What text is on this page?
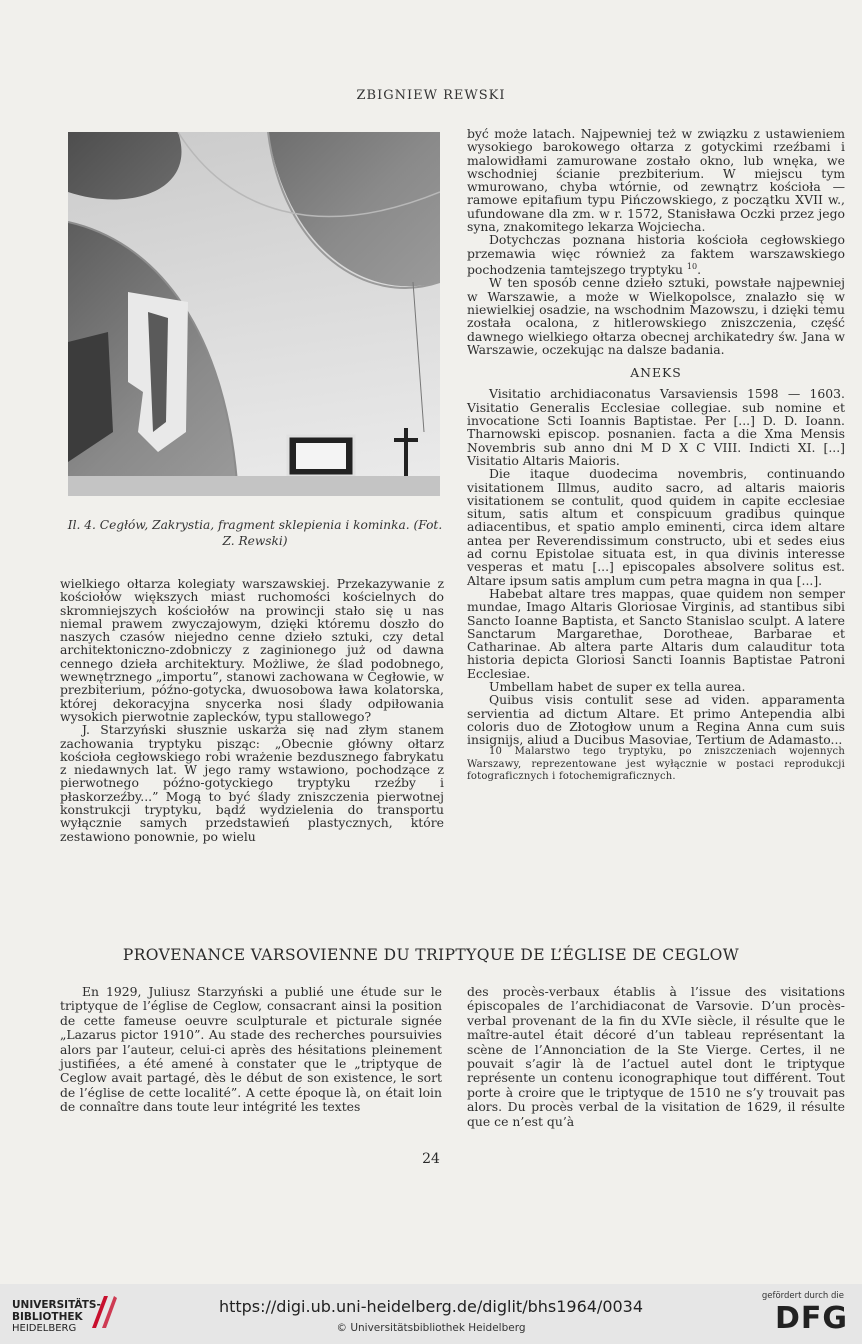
ZBIGNIEW REWSKI
Il. 4. Cegłów, Zakrystia, fragment sklepienia i kominka. (Fot. Z. Rewski)

być może latach. Najpewniej też w związku z ustawieniem wysokiego barokowego ołtarza z gotyckimi rzeźbami i malowidłami zamurowane zostało okno, lub wnęka, we wschodniej ścianie prezbiterium. W miejscu tym wmurowano, chyba wtórnie, od zewnątrz kościoła — ramowe epitafium typu Pińczowskiego, z początku XVII w., ufundowane dla zm. w r. 1572, Stanisława Oczki przez jego syna, znakomitego lekarza Wojciecha.

Dotychczas poznana historia kościoła cegłowskiego przemawia więc również za faktem warszawskiego pochodzenia tamtejszego tryptyku $^{10}$.

W ten sposób cenne dzieło sztuki, powstałe najpewniej w Warszawie, a może w Wielkopolsce, znalazło się w niewielkiej osadzie, na wschodnim Mazowszu, i dzięki temu została ocalona, z hitlerowskiego zniszczenia, część dawnego wielkiego ołtarza obecnej archikatedry św. Jana w Warszawie, oczekując na dalsze badania.

ANEKS

Visitatio archidiaconatus Varsaviensis 1598 — 1603. Visitatio Generalis Ecclesiae collegiae. sub nomine et invocatione Scti Ioannis Baptistae. Per [...] D. D. Ioann. Tharnowski episcop. posnanien. facta a die Xma Mensis Novembris sub anno dni M D X C VIII. Indicti XI. [...] Visitatio Altaris Maioris.

Die itaque duodecima novembris, continuando visitationem Illmus, audito sacro, ad altaris maioris visitationem se contulit, quod quidem in capite ecclesiae situm, satis altum et conspicuum gradibus quinque adiacentibus, et spatio amplo eminenti, circa idem altare antea per Reverendissimum constructo, ubi et sedes eius ad cornu Epistolae situata est, in qua divinis interesse vesperas et matu [...] episcopales absolvere solitus est. Altare ipsum satis amplum cum petra magna in qua [...].

Habebat altare tres mappas, quae quidem non semper mundae, Imago Altaris Gloriosae Virginis, ad stantibus sibi Sancto Ioanne Baptista, et Sancto Stanislao sculpt. A latere Sanctarum Margarethae, Dorotheae, Barbarae et Catharinae. Ab altera parte Altaris dum calauditur tota historia depicta Gloriosi Sancti Ioannis Baptistae Patroni Ecclesiae.

Umbellam habet de super ex tella aurea.

Quibus visis contulit sese ad viden. apparamenta servientia ad dictum Altare. Et primo Antependia albi coloris duo de Złotogłow unum a Regina Anna cum suis insignijs, aliud a Ducibus Masoviae, Tertium de Adamasto...

10 Malarstwo tego tryptyku, po zniszczeniach wojennych Warszawy, reprezentowane jest wyłącznie w postaci reprodukcji fotograficznych i fotochemigraficznych.

wielkiego ołtarza kolegiaty warszawskiej. Przekazywanie z kościołów większych miast ruchomości kościelnych do skromniejszych kościołów na prowincji stało się u nas niemal prawem zwyczajowym, dzięki któremu doszło do naszych czasów niejedno cenne dzieło sztuki, czy detal architektoniczno-zdobniczy z zaginionego już od dawna cennego dzieła architektury. Możliwe, że ślad podobnego, wewnętrznego „importu”, stanowi zachowana w Cegłowie, w prezbiterium, późno-gotycka, dwuosobowa ława kolatorska, której dekoracyjna snycerka nosi ślady odpiłowania wysokich pierwotnie zaplecków, typu stallowego?

J. Starzyński słusznie uskarża się nad złym stanem zachowania tryptyku pisząc: „Obecnie główny ołtarz kościoła cegłowskiego robi wrażenie bezdusznego fabrykatu z niedawnych lat. W jego ramy wstawiono, pochodzące z pierwotnego późno-gotyckiego tryptyku rzeźby i płaskorzeźby...” Mogą to być ślady zniszczenia pierwotnej konstrukcji tryptyku, bądź wydzielenia do transportu wyłącznie samych przedstawień plastycznych, które zestawiono ponownie, po wielu

PROVENANCE VARSOVIENNE DU TRIPTYQUE DE L’ÉGLISE DE CEGLOW

En 1929, Juliusz Starzyński a publié une étude sur le triptyque de l’église de Ceglow, consacrant ainsi la position de cette fameuse oeuvre sculpturale et picturale signée „Lazarus pictor 1910”. Au stade des recherches poursuivies alors par l’auteur, celui-ci après des hésitations pleinement justifiées, a été amené à constater que le „triptyque de Ceglow avait partagé, dès le début de son existence, le sort de l’église de cette localité”. A cette époque là, on était loin de connaître dans toute leur intégrité les textes

des procès-verbaux établis à l’issue des visitations épiscopales de l’archidiaconat de Varsovie. D’un procès-verbal provenant de la fin du XVIe siècle, il résulte que le maître-autel était décoré d’un tableau représentant la scène de l’Annonciation de la Ste Vierge. Certes, il ne pouvait s’agir là de l’actuel autel dont le triptyque représente un contenu iconographique tout différent. Tout porte à croire que le triptyque de 1510 ne s’y trouvait pas alors. Du procès verbal de la visitation de 1629, il résulte que ce n’est qu’à

24
UNIVERSITÄTS-
BIBLIOTHEK
HEIDELBERG
https://digi.ub.uni-heidelberg.de/diglit/bhs1964/0034
© Universitätsbibliothek Heidelberg
gefördert durch die
DFG
